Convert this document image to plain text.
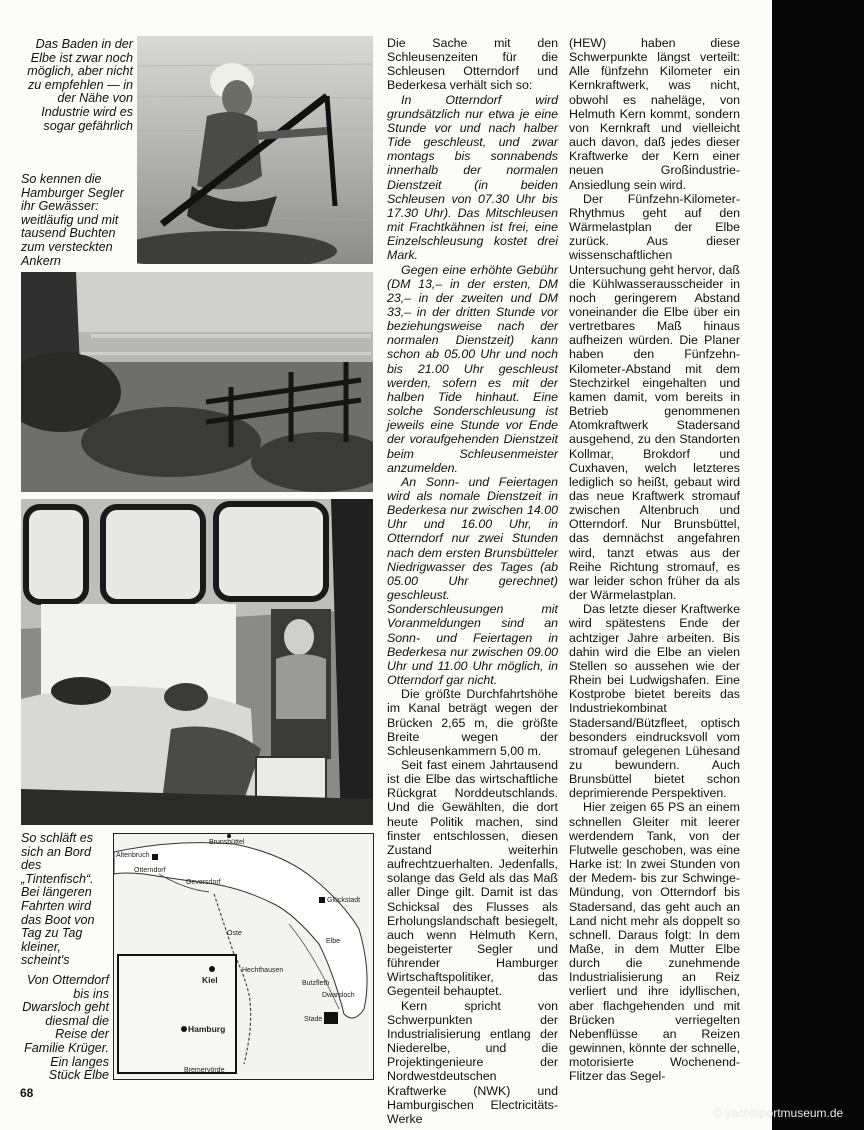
Das Baden in der Elbe ist zwar noch möglich, aber nicht zu empfehlen — in der Nähe von Industrie wird es sogar gefährlich
So kennen die Hamburger Segler ihr Gewässer: weitläufig und mit tausend Buchten zum versteckten Ankern
So schläft es sich an Bord des „Tintenfisch“. Bei längeren Fahrten wird das Boot von Tag zu Tag kleiner, scheint's
Von Otterndorf bis ins Dwarsloch geht diesmal die Reise der Familie Krüger. Ein langes Stück Elbe
Brunsbüttel
Altenbruch
Otterndorf
Geversdorf
Glückstadt
Oste
Elbe
Hechthausen
Butzfleth
Dwarsloch
Stade
Kiel
Hamburg
Bremervörde

Die Sache mit den Schleusenzeiten für die Schleusen Otterndorf und Bederkesa verhält sich so:

In Otterndorf wird grundsätzlich nur etwa je eine Stunde vor und nach halber Tide geschleust, und zwar montags bis sonnabends innerhalb der normalen Dienstzeit (in beiden Schleusen von 07.30 Uhr bis 17.30 Uhr). Das Mitschleusen mit Frachtkähnen ist frei, eine Einzelschleusung kostet drei Mark.

Gegen eine erhöhte Gebühr (DM 13,– in der ersten, DM 23,– in der zweiten und DM 33,– in der dritten Stunde vor beziehungsweise nach der normalen Dienstzeit) kann schon ab 05.00 Uhr und noch bis 21.00 Uhr geschleust werden, sofern es mit der halben Tide hinhaut. Eine solche Sonderschleusung ist jeweils eine Stunde vor Ende der voraufgehenden Dienstzeit beim Schleusenmeister anzumelden.

An Sonn- und Feiertagen wird als nomale Dienstzeit in Bederkesa nur zwischen 14.00 Uhr und 16.00 Uhr, in Otterndorf nur zwei Stunden nach dem ersten Brunsbütteler Niedrigwasser des Tages (ab 05.00 Uhr gerechnet) geschleust. Sonderschleusungen mit Voranmeldungen sind an Sonn- und Feiertagen in Bederkesa nur zwischen 09.00 Uhr und 11.00 Uhr möglich, in Otterndorf gar nicht.

Die größte Durchfahrtshöhe im Kanal beträgt wegen der Brücken 2,65 m, die größte Breite wegen der Schleusenkammern 5,00 m.

Seit fast einem Jahrtausend ist die Elbe das wirtschaftliche Rückgrat Norddeutschlands. Und die Gewählten, die dort heute Politik machen, sind finster entschlossen, diesen Zustand weiterhin aufrechtzuerhalten. Jedenfalls, solange das Geld als das Maß aller Dinge gilt. Damit ist das Schicksal des Flusses als Erholungslandschaft besiegelt, auch wenn Helmuth Kern, begeisterter Segler und führender Hamburger Wirtschaftspolitiker, das Gegenteil behauptet.

Kern spricht von Schwerpunkten der Industrialisierung entlang der Niederelbe, und die Projektingenieure der Nordwestdeutschen Kraftwerke (NWK) und Hamburgischen Electricitäts-Werke

(HEW) haben diese Schwerpunkte längst verteilt: Alle fünfzehn Kilometer ein Kernkraftwerk, was nicht, obwohl es naheläge, von Helmuth Kern kommt, sondern von Kernkraft und vielleicht auch davon, daß jedes dieser Kraftwerke der Kern einer neuen Großindustrie-Ansiedlung sein wird.

Der Fünfzehn-Kilometer-Rhythmus geht auf den Wärmelastplan der Elbe zurück. Aus dieser wissenschaftlichen Untersuchung geht hervor, daß die Kühlwasserausscheider in noch geringerem Abstand voneinander die Elbe über ein vertretbares Maß hinaus aufheizen würden. Die Planer haben den Fünfzehn-Kilometer-Abstand mit dem Stechzirkel eingehalten und kamen damit, vom bereits in Betrieb genommenen Atomkraftwerk Stadersand ausgehend, zu den Standorten Kollmar, Brokdorf und Cuxhaven, welch letzteres lediglich so heißt, gebaut wird das neue Kraftwerk stromauf zwischen Altenbruch und Otterndorf. Nur Brunsbüttel, das demnächst angefahren wird, tanzt etwas aus der Reihe Richtung stromauf, es war leider schon früher da als der Wärmelastplan.

Das letzte dieser Kraftwerke wird spätestens Ende der achtziger Jahre arbeiten. Bis dahin wird die Elbe an vielen Stellen so aussehen wie der Rhein bei Ludwigshafen. Eine Kostprobe bietet bereits das Industriekombinat Stadersand/Bützfleet, optisch besonders eindrucksvoll vom stromauf gelegenen Lühesand zu bewundern. Auch Brunsbüttel bietet schon deprimierende Perspektiven.

Hier zeigen 65 PS an einem schnellen Gleiter mit leerer werdendem Tank, von der Flutwelle geschoben, was eine Harke ist: In zwei Stunden von der Medem- bis zur Schwinge-Mündung, von Otterndorf bis Stadersand, das geht auch an Land nicht mehr als doppelt so schnell. Daraus folgt: In dem Maße, in dem Mutter Elbe durch die zunehmende Industrialisierung an Reiz verliert und ihre idyllischen, aber flachgehenden und mit Brücken verriegelten Nebenflüsse an Reizen gewinnen, könnte der schnelle, motorisierte Wochenend-Flitzer das Segel-

68
© yachtsportmuseum.de
